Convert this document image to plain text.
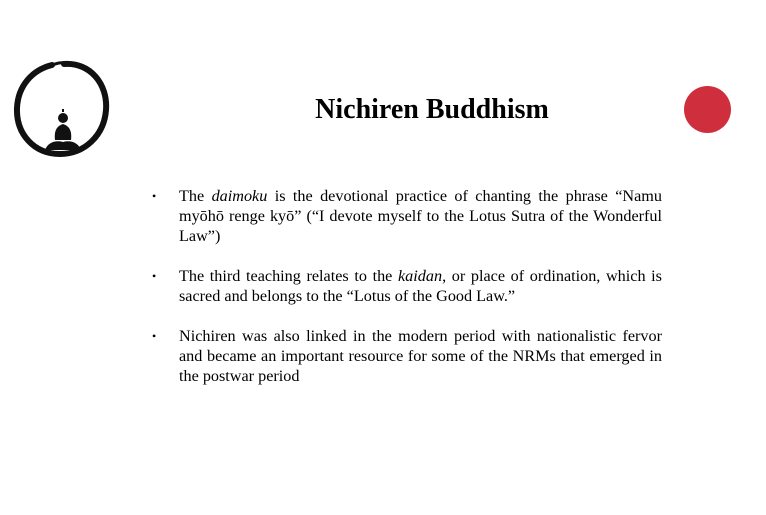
Nichiren Buddhism
•	The daimoku is the devotional practice of chanting the phrase “Namu myōhō renge kyō” (“I devote myself to the Lotus Sutra of the Wonderful Law”)
•	The third teaching relates to the kaidan, or place of ordination, which is sacred and belongs to the “Lotus of the Good Law.”
•	Nichiren was also linked in the modern period with nationalistic fervor and became an important resource for some of the NRMs that emerged in the postwar period
